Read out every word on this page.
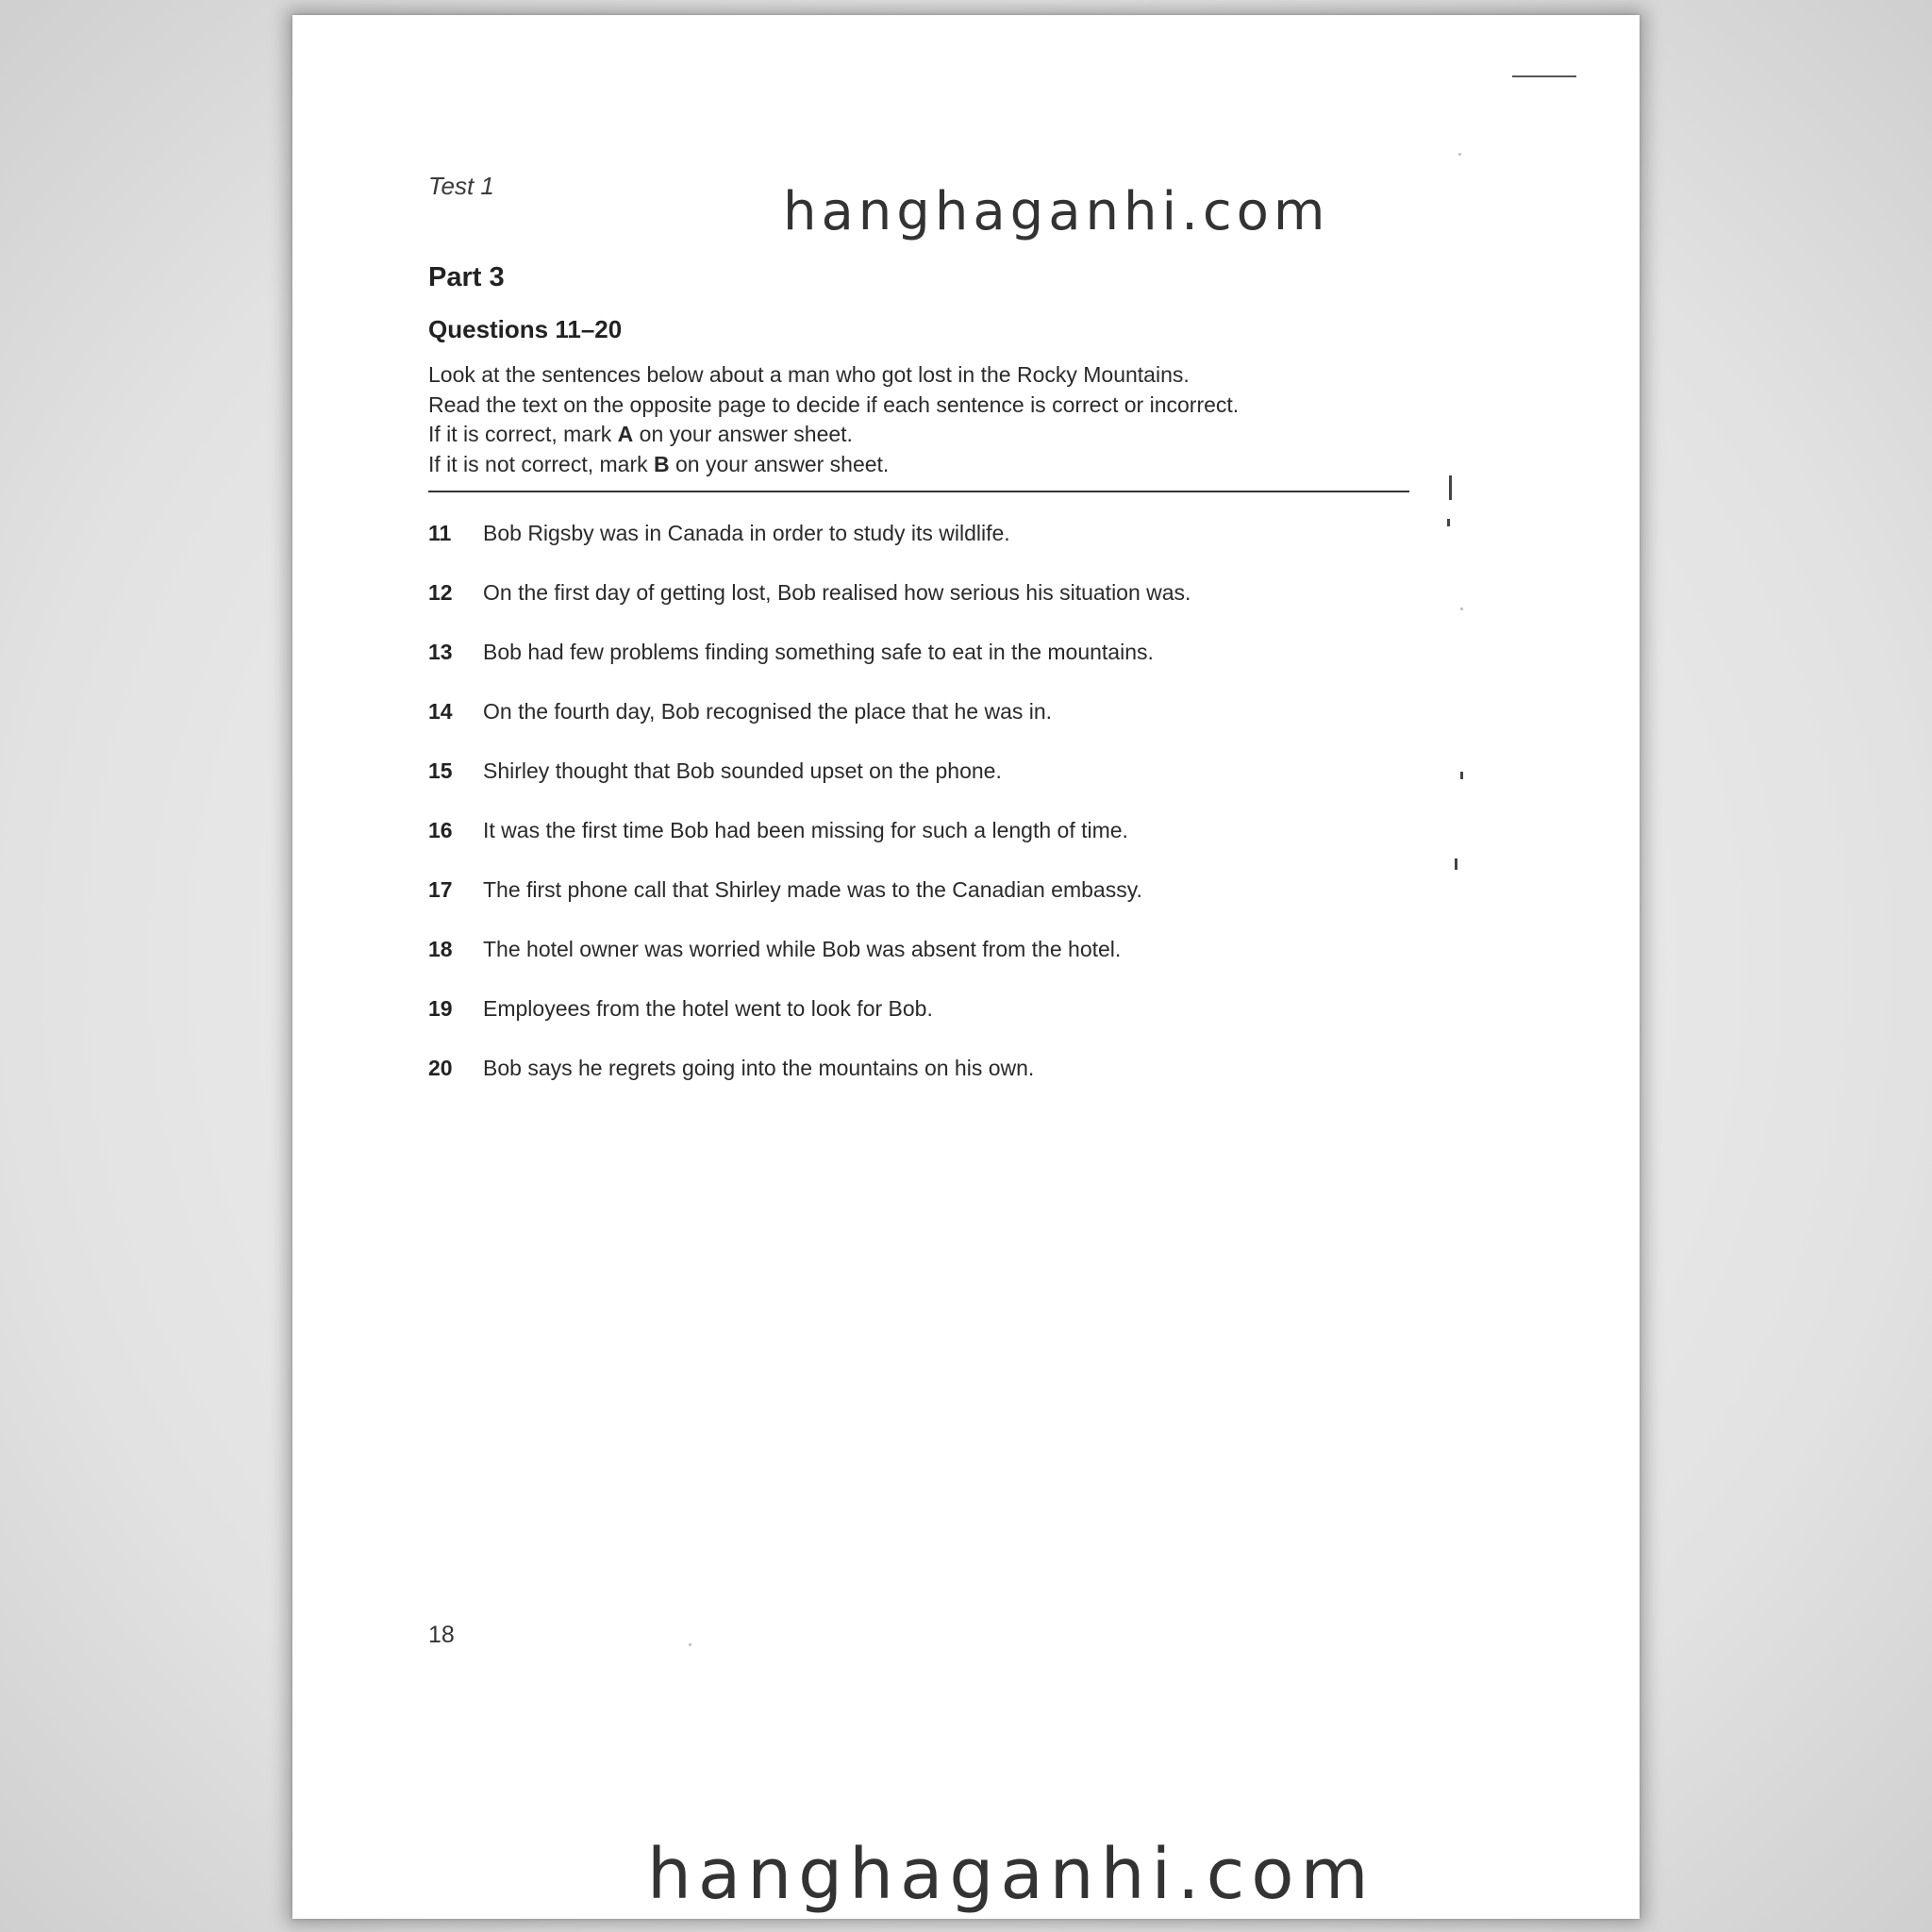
Test 1
Part 3
Questions 11–20
Look at the sentences below about a man who got lost in the Rocky Mountains.
Read the text on the opposite page to decide if each sentence is correct or incorrect.
If it is correct, mark A on your answer sheet.
If it is not correct, mark B on your answer sheet.
11	Bob Rigsby was in Canada in order to study its wildlife.
12	On the first day of getting lost, Bob realised how serious his situation was.
13	Bob had few problems finding something safe to eat in the mountains.
14	On the fourth day, Bob recognised the place that he was in.
15	Shirley thought that Bob sounded upset on the phone.
16	It was the first time Bob had been missing for such a length of time.
17	The first phone call that Shirley made was to the Canadian embassy.
18	The hotel owner was worried while Bob was absent from the hotel.
19	Employees from the hotel went to look for Bob.
20	Bob says he regrets going into the mountains on his own.
18
hanghaganhi.com
hanghaganhi.com
